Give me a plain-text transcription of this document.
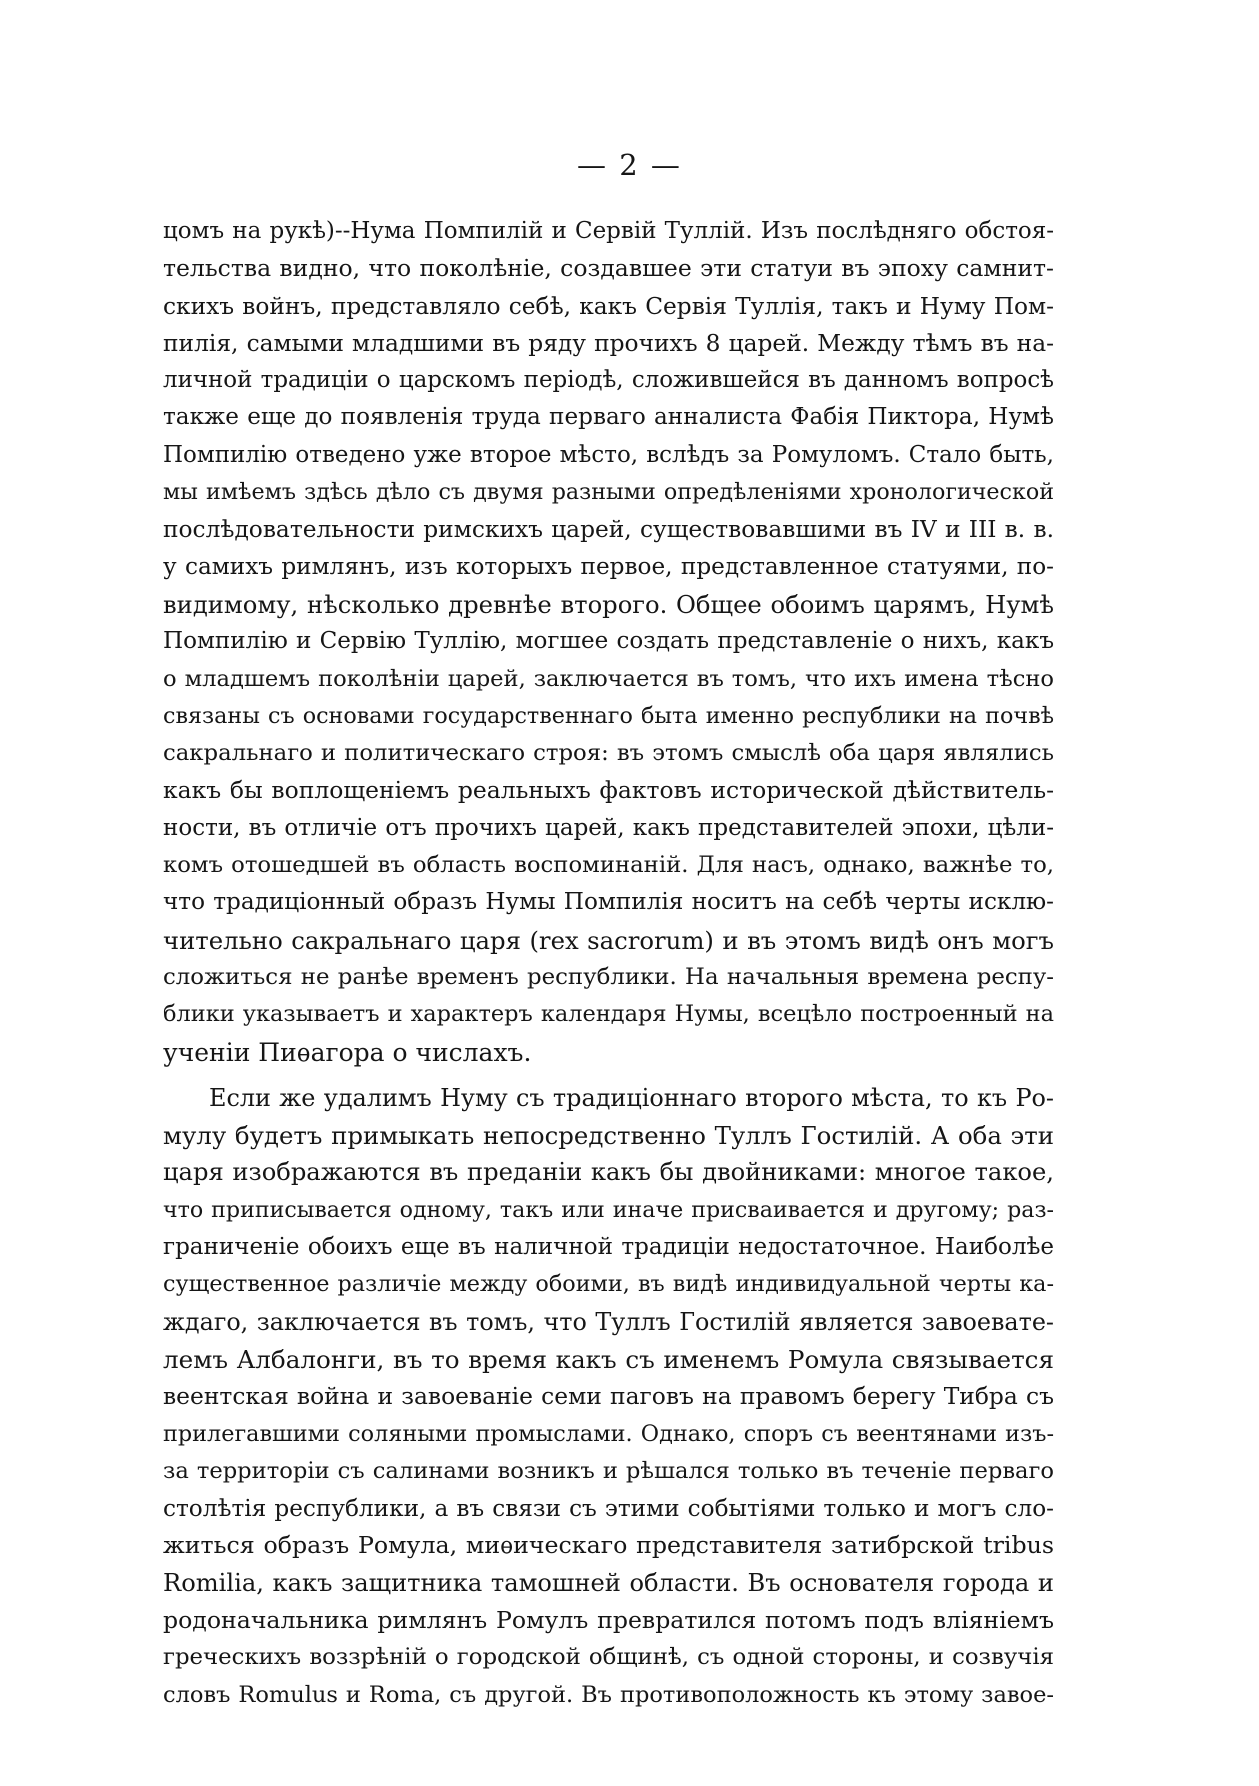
— 2 —
цомъ на рукѣ)--Нума Помпилій и Сервій Туллій. Изъ послѣдняго обстоя-
тельства видно, что поколѣніе, создавшее эти статуи въ эпоху самнит-
скихъ войнъ, представляло себѣ, какъ Сервія Туллія, такъ и Нуму Пом-
пилія, самыми младшими въ ряду прочихъ 8 царей. Между тѣмъ въ на-
личной традиціи о царскомъ періодѣ, сложившейся въ данномъ вопросѣ
также еще до появленія труда перваго анналиста Фабія Пиктора, Нумѣ
Помпилію отведено уже второе мѣсто, вслѣдъ за Ромуломъ. Стало быть,
мы имѣемъ здѣсь дѣло съ двумя разными опредѣленіями хронологической
послѣдовательности римскихъ царей, существовавшими въ IV и III в. в.
у самихъ римлянъ, изъ которыхъ первое, представленное статуями, по-
видимому, нѣсколько древнѣе второго. Общее обоимъ царямъ, Нумѣ
Помпилію и Сервію Туллію, могшее создать представленіе о нихъ, какъ
о младшемъ поколѣніи царей, заключается въ томъ, что ихъ имена тѣсно
связаны съ основами государственнаго быта именно республики на почвѣ
сакральнаго и политическаго строя: въ этомъ смыслѣ оба царя являлись
какъ бы воплощеніемъ реальныхъ фактовъ исторической дѣйствитель-
ности, въ отличіе отъ прочихъ царей, какъ представителей эпохи, цѣли-
комъ отошедшей въ область воспоминаній. Для насъ, однако, важнѣе то,
что традиціонный образъ Нумы Помпилія носитъ на себѣ черты исклю-
чительно сакральнаго царя (rex sacrorum) и въ этомъ видѣ онъ могъ
сложиться не ранѣе временъ республики. На начальныя времена респу-
блики указываетъ и характеръ календаря Нумы, всецѣло построенный на
ученіи Пиѳагора о числахъ.
Если же удалимъ Нуму съ традиціоннаго второго мѣста, то къ Ро-
мулу будетъ примыкать непосредственно Туллъ Гостилій. А оба эти
царя изображаются въ преданіи какъ бы двойниками: многое такое,
что приписывается одному, такъ или иначе присваивается и другому; раз-
граниченіе обоихъ еще въ наличной традиціи недостаточное. Наиболѣе
существенное различіе между обоими, въ видѣ индивидуальной черты ка-
ждаго, заключается въ томъ, что Туллъ Гостилій является завоевате-
лемъ Албалонги, въ то время какъ съ именемъ Ромула связывается
веентская война и завоеваніе семи паговъ на правомъ берегу Тибра съ
прилегавшими соляными промыслами. Однако, споръ съ веентянами изъ-
за территоріи съ салинами возникъ и рѣшался только въ теченіе перваго
столѣтія республики, а въ связи съ этими событіями только и могъ сло-
житься образъ Ромула, миѳическаго представителя затибрской tribus
Romilia, какъ защитника тамошней области. Въ основателя города и
родоначальника римлянъ Ромулъ превратился потомъ подъ вліяніемъ
греческихъ воззрѣній о городской общинѣ, съ одной стороны, и созвучія
словъ Romulus и Roma, съ другой. Въ противоположность къ этому завое-
